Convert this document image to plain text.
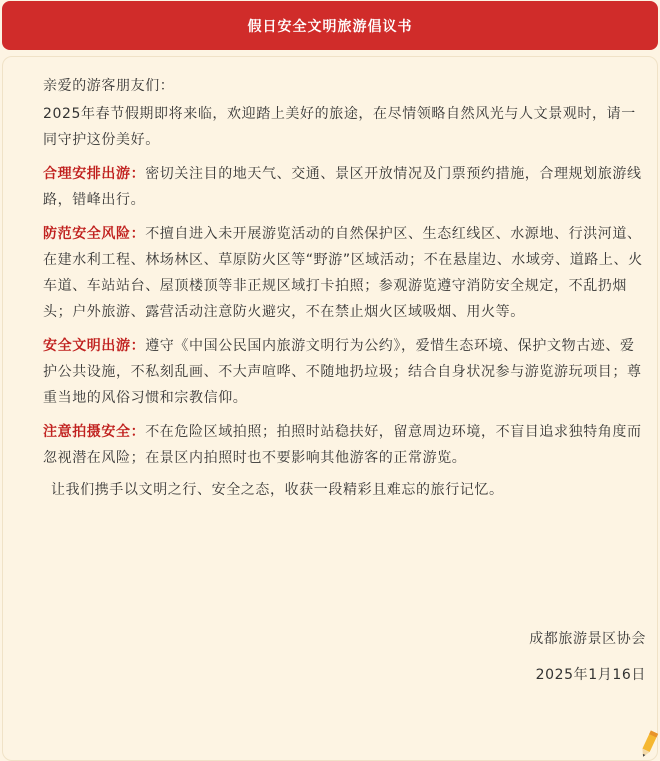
假日安全文明旅游倡议书

亲爱的游客朋友们：

2025年春节假期即将来临，欢迎踏上美好的旅途，在尽情领略自然风光与人文景观时，请一同守护这份美好。

合理安排出游：密切关注目的地天气、交通、景区开放情况及门票预约措施，合理规划旅游线路，错峰出行。

防范安全风险：不擅自进入未开展游览活动的自然保护区、生态红线区、水源地、行洪河道、在建水利工程、林场林区、草原防火区等“野游”区域活动；不在悬崖边、水域旁、道路上、火车道、车站站台、屋顶楼顶等非正规区域打卡拍照；参观游览遵守消防安全规定，不乱扔烟头；户外旅游、露营活动注意防火避灾，不在禁止烟火区域吸烟、用火等。

安全文明出游：遵守《中国公民国内旅游文明行为公约》，爱惜生态环境、保护文物古迹、爱护公共设施，不私刻乱画、不大声喧哗、不随地扔垃圾；结合自身状况参与游览游玩项目；尊重当地的风俗习惯和宗教信仰。

注意拍摄安全：不在危险区域拍照；拍照时站稳扶好，留意周边环境，不盲目追求独特角度而忽视潜在风险；在景区内拍照时也不要影响其他游客的正常游览。

让我们携手以文明之行、安全之态，收获一段精彩且难忘的旅行记忆。

成都旅游景区协会
2025年1月16日
